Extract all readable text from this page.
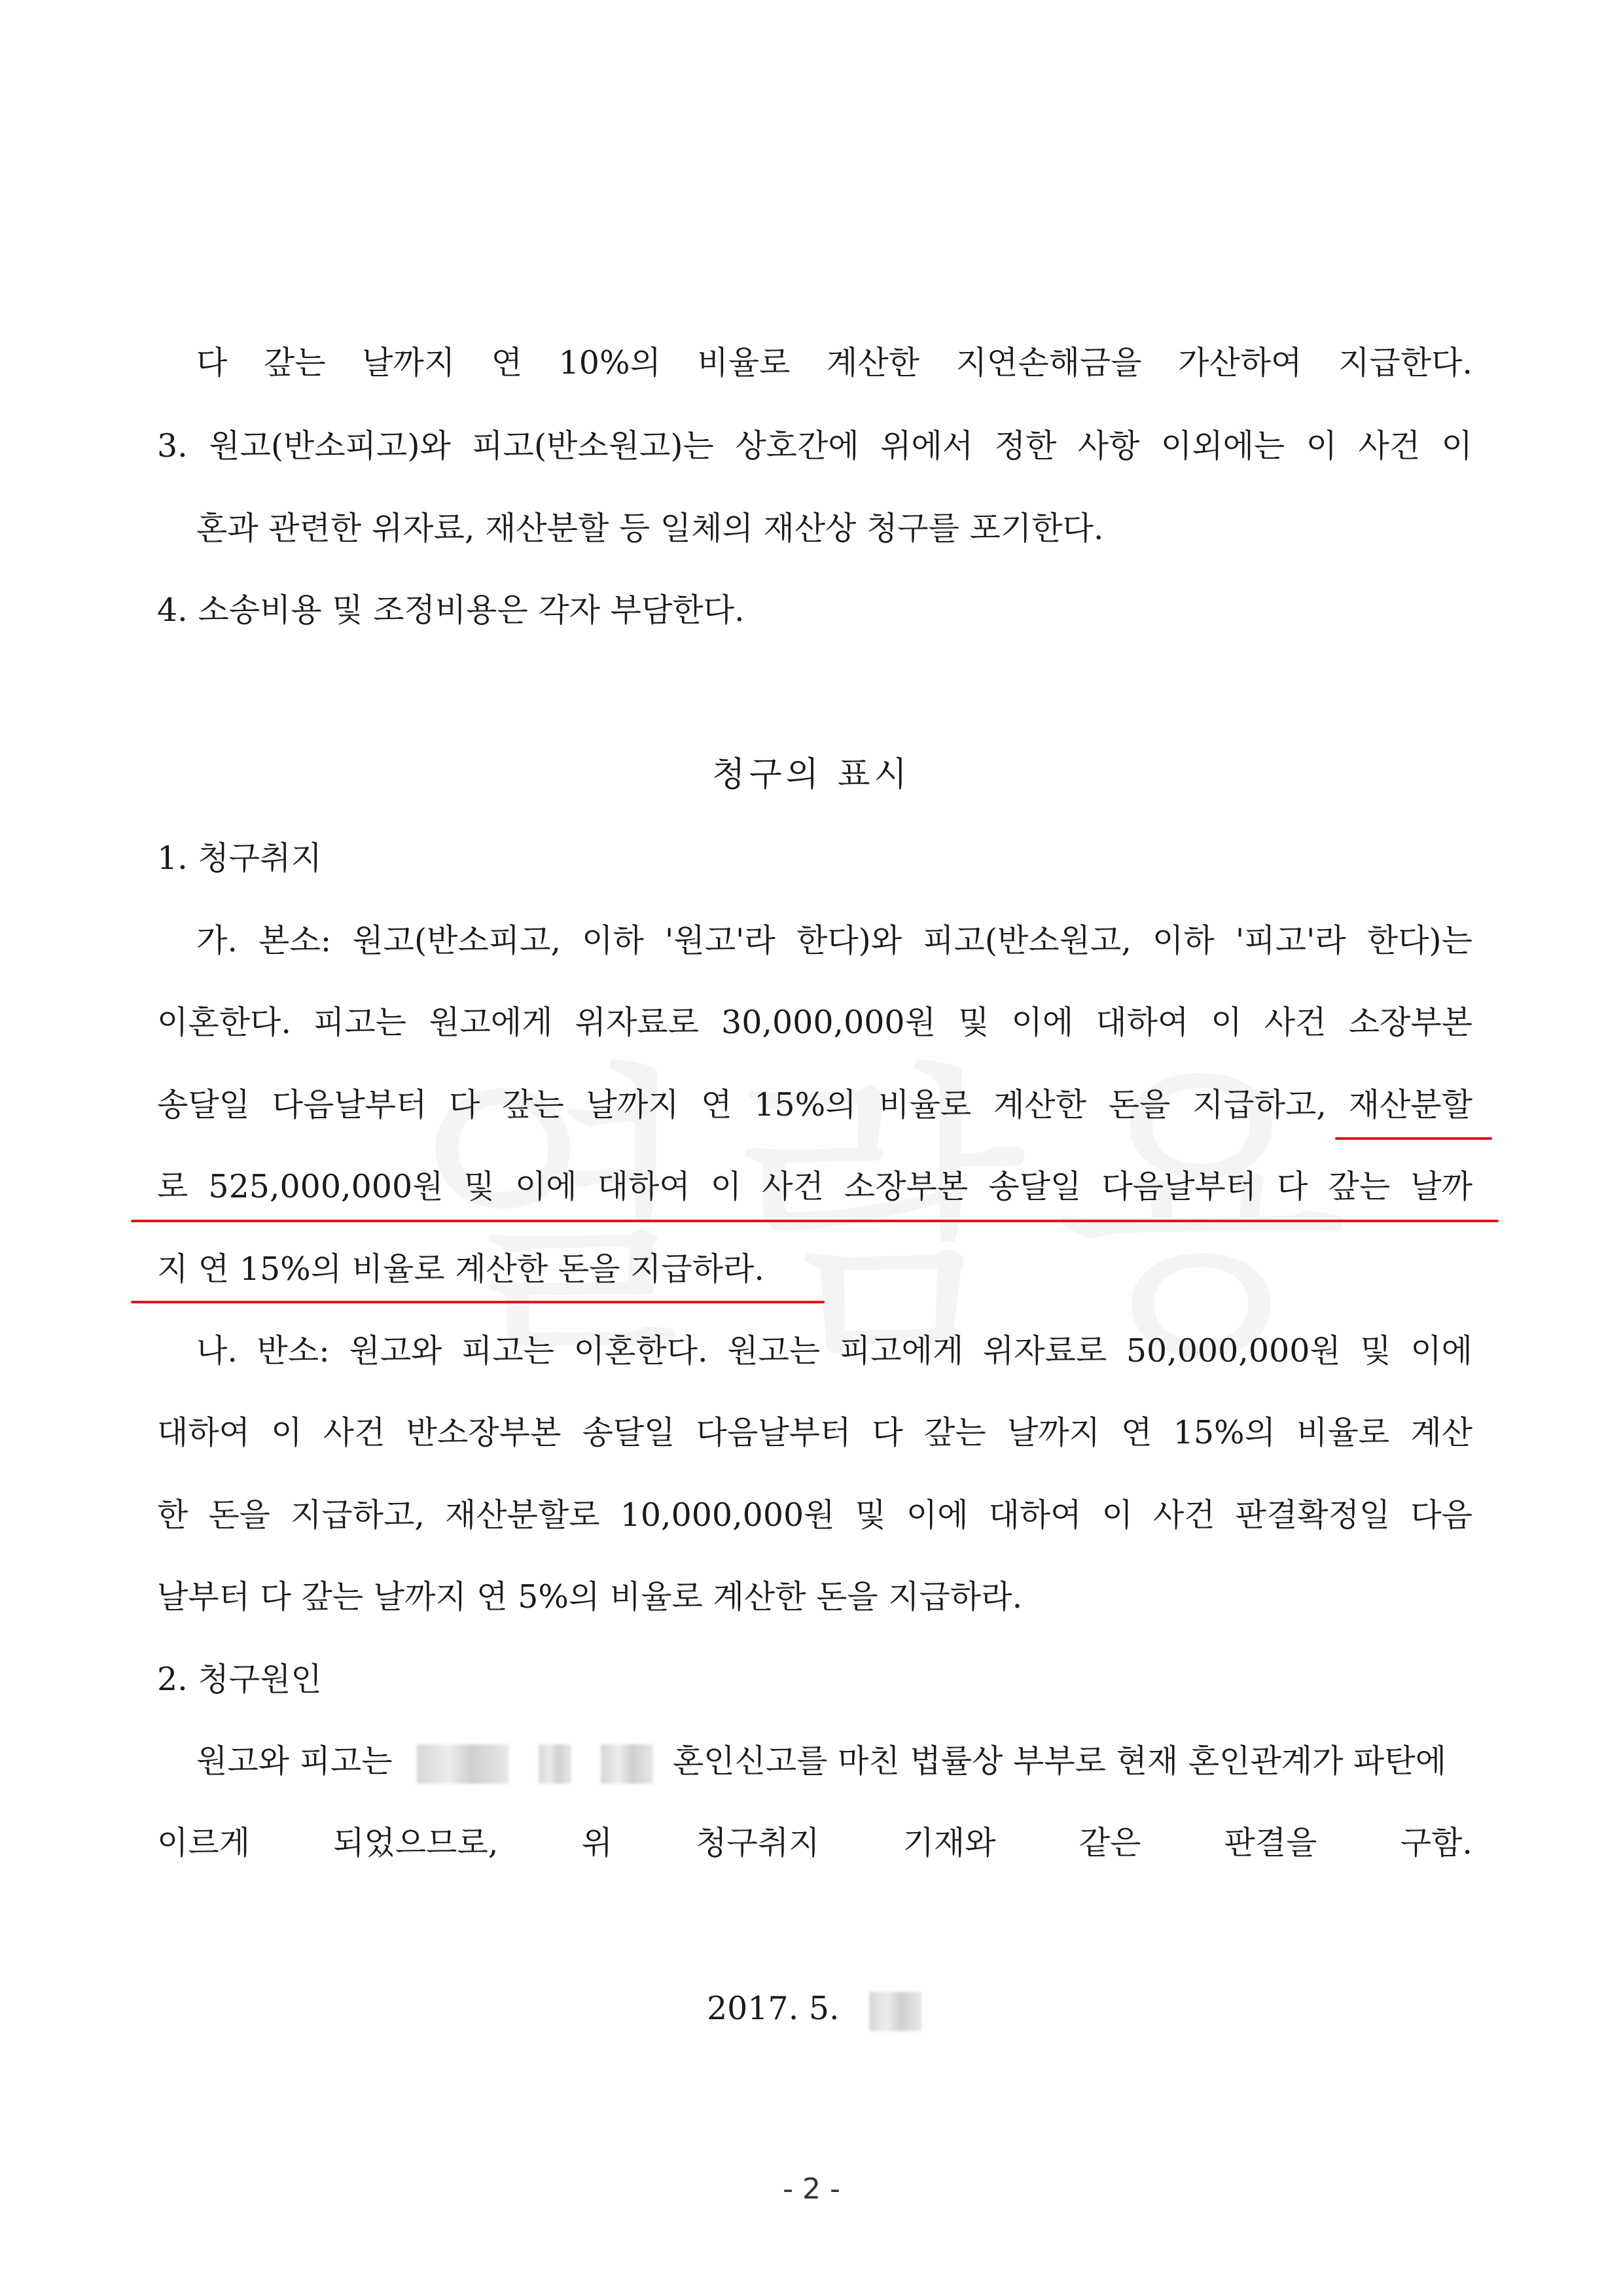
다 갚는 날까지 연 10%의 비율로 계산한 지연손해금을 가산하여 지급한다.
3. 원고(반소피고)와 피고(반소원고)는 상호간에 위에서 정한 사항 이외에는 이 사건 이
혼과 관련한 위자료, 재산분할 등 일체의 재산상 청구를 포기한다.
4. 소송비용 및 조정비용은 각자 부담한다.
청구의 표시
1. 청구취지
가. 본소: 원고(반소피고, 이하 '원고'라 한다)와 피고(반소원고, 이하 '피고'라 한다)는
이혼한다. 피고는 원고에게 위자료로 30,000,000원 및 이에 대하여 이 사건 소장부본
송달일 다음날부터 다 갚는 날까지 연 15%의 비율로 계산한 돈을 지급하고, 재산분할
로 525,000,000원 및 이에 대하여 이 사건 소장부본 송달일 다음날부터 다 갚는 날까
지 연 15%의 비율로 계산한 돈을 지급하라.
나. 반소: 원고와 피고는 이혼한다. 원고는 피고에게 위자료로 50,000,000원 및 이에
대하여 이 사건 반소장부본 송달일 다음날부터 다 갚는 날까지 연 15%의 비율로 계산
한 돈을 지급하고, 재산분할로 10,000,000원 및 이에 대하여 이 사건 판결확정일 다음
날부터 다 갚는 날까지 연 5%의 비율로 계산한 돈을 지급하라.
2. 청구원인
원고와 피고는	혼인신고를 마친 법률상 부부로 현재 혼인관계가 파탄에
이르게 되었으므로, 위 청구취지 기재와 같은 판결을 구함.
2017. 5.
- 2 -
